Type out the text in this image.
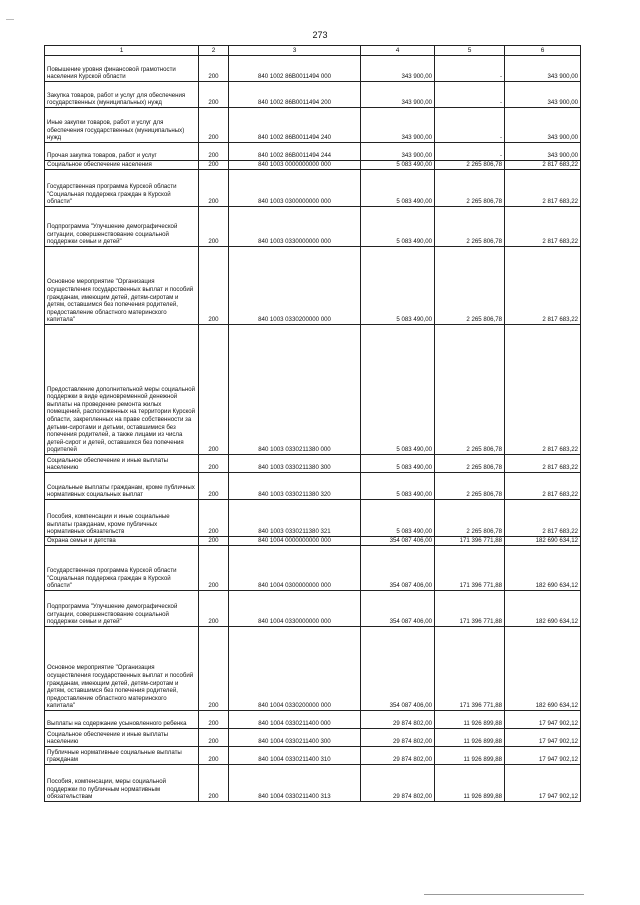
273
1	2	3	4	5	6
Повышение уровня финансовой грамотности населения Курской области	200	840 1002 86В0011494 000	343 900,00	-	343 900,00
Закупка товаров, работ и услуг для обеспечения государственных (муниципальных) нужд	200	840 1002 86В0011494 200	343 900,00	-	343 900,00
Иные закупки товаров, работ и услуг для обеспечения государственных (муниципальных) нужд	200	840 1002 86В0011494 240	343 900,00	-	343 900,00
Прочая закупка товаров, работ и услуг	200	840 1002 86В0011494 244	343 900,00	-	343 900,00
Социальное обеспечение населения	200	840 1003 0000000000 000	5 083 490,00	2 265 806,78	2 817 683,22
Государственная программа Курской области "Социальная поддержка граждан в Курской области"	200	840 1003 0300000000 000	5 083 490,00	2 265 806,78	2 817 683,22
Подпрограмма "Улучшение демографической ситуации, совершенствование социальной поддержки семьи и детей"	200	840 1003 0330000000 000	5 083 490,00	2 265 806,78	2 817 683,22
Основное мероприятие "Организация осуществления государственных выплат и пособий гражданам, имеющим детей, детям-сиротам и детям, оставшимся без попечения родителей, предоставление областного материнского капитала"	200	840 1003 0330200000 000	5 083 490,00	2 265 806,78	2 817 683,22
Предоставление дополнительной меры социальной поддержки в виде единовременной денежной выплаты на проведение ремонта жилых помещений, расположенных на территории Курской области, закрепленных на праве собственности за детьми-сиротами и детьми, оставшимися без попечения родителей, а также лицами из числа детей-сирот и детей, оставшихся без попечения родителей	200	840 1003 0330211380 000	5 083 490,00	2 265 806,78	2 817 683,22
Социальное обеспечение и иные выплаты населению	200	840 1003 0330211380 300	5 083 490,00	2 265 806,78	2 817 683,22
Социальные выплаты гражданам, кроме публичных нормативных социальных выплат	200	840 1003 0330211380 320	5 083 490,00	2 265 806,78	2 817 683,22
Пособия, компенсации и иные социальные выплаты гражданам, кроме публичных нормативных обязательств	200	840 1003 0330211380 321	5 083 490,00	2 265 806,78	2 817 683,22
Охрана семьи и детства	200	840 1004 0000000000 000	354 087 406,00	171 396 771,88	182 690 634,12
Государственная программа Курской области "Социальная поддержка граждан в Курской области"	200	840 1004 0300000000 000	354 087 406,00	171 396 771,88	182 690 634,12
Подпрограмма "Улучшение демографической ситуации, совершенствование социальной поддержки семьи и детей"	200	840 1004 0330000000 000	354 087 406,00	171 396 771,88	182 690 634,12
Основное мероприятие "Организация осуществления государственных выплат и пособий гражданам, имеющим детей, детям-сиротам и детям, оставшимся без попечения родителей, предоставление областного материнского капитала"	200	840 1004 0330200000 000	354 087 406,00	171 396 771,88	182 690 634,12
Выплаты на содержание усыновленного ребенка	200	840 1004 0330211400 000	29 874 802,00	11 926 899,88	17 947 902,12
Социальное обеспечение и иные выплаты населению	200	840 1004 0330211400 300	29 874 802,00	11 926 899,88	17 947 902,12
Публичные нормативные социальные выплаты гражданам	200	840 1004 0330211400 310	29 874 802,00	11 926 899,88	17 947 902,12
Пособия, компенсации, меры социальной поддержки по публичным нормативным обязательствам	200	840 1004 0330211400 313	29 874 802,00	11 926 899,88	17 947 902,12
